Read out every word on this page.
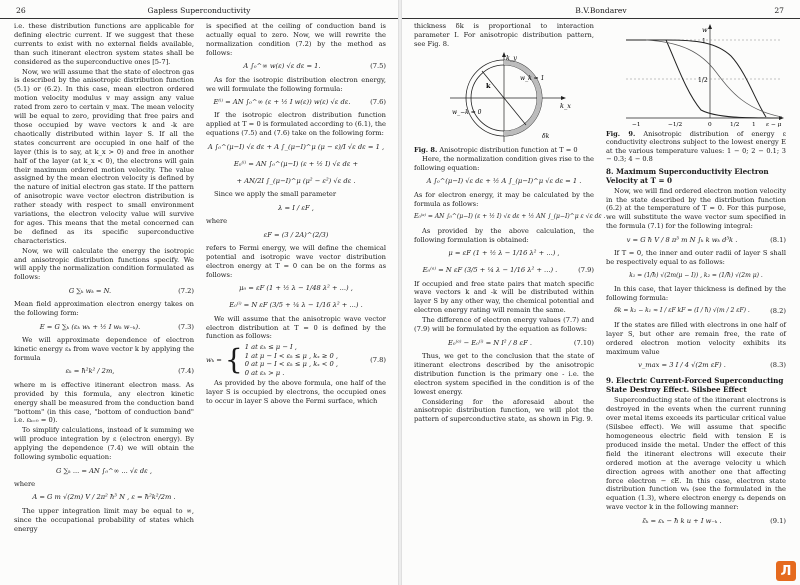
26	Gapless Superconductivity

i.e. these distribution functions are applicable for defining electric current. If we suggest that these currents to exist with no external fields available, than such itinerant electron system states shall be considered as the superconductive ones [5-7].

Now, we will assume that the state of electron gas is described by the anisotropic distribution function (5.1) or (6.2). In this case, mean electron ordered motion velocity modulus v may assign any value rated from zero to certain v_max. The mean velocity will be equal to zero, providing that free pairs and those occupied by wave vectors k and -k are chaotically distributed within layer S. If all the states concurrent are occupied in one half of the layer (this is to say, at k_x > 0) and free in another half of the layer (at k_x < 0), the electrons will gain their maximum ordered motion velocity. The value assigned by the mean electron velocity is defined by the nature of initial electron gas state. If the pattern of anisotropic wave vector electron distribution is rather steady with respect to small environment variations, the electron velocity value will survive for ages. This means that the metal concerned can be defined as its specific superconductive characteristics.

Now, we will calculate the energy the isotropic and anisotropic distribution functions specify. We will apply the normalization condition formulated as follows:

G ∑ₖ wₖ = N.	(7.2)

Mean field approximation electron energy takes on the following form:

E = G ∑ₖ (εₖ wₖ + ½ I wₖ w₋ₖ).	(7.3)

We will approximate dependence of electron kinetic energy εₖ from wave vector k by applying the formula

εₖ = ħ²k² / 2m,	(7.4)

where m is effective itinerant electron mass. As provided by this formula, any electron kinetic energy shall be measured from the conduction band "bottom" (in this case, "bottom of conduction band" i.e. εₖ₌₀ = 0).

To simplify calculations, instead of k summing we will produce integration by ε (electron energy). By applying the dependence (7.4) we will obtain the following symbolic equation:

G ∑ₖ ... = AN ∫₀^∞ ... √ε dε ,

where

A = G m √(2m) V / 2π² ħ³ N , ε = ħ²k²/2m .

The upper integration limit may be equal to ∞, since the occupational probability of states which energy

is specified at the ceiling of conduction band is actually equal to zero. Now, we will rewrite the normalization condition (7.2) by the method as follows:

A ∫₀^∞ w(ε) √ε dε = 1.	(7.5)

As for the isotropic distribution electron energy, we will formulate the following formula:

E⁽ⁱ⁾ = AN ∫₀^∞ (ε + ½ I w(ε)) w(ε) √ε dε.	(7.6)

If the isotropic electron distribution function applied at T = 0 is formulated according to (6.1), the equations (7.5) and (7.6) take on the following form:

A ∫₀^(μ−I) √ε dε + A ∫_(μ−I)^μ (μ − ε)/I √ε dε = 1 ,
E₀⁽ⁱ⁾ = AN ∫₀^(μ−I) (ε + ½ I) √ε dε +
+ AN/2I ∫_(μ−I)^μ (μ² − ε²) √ε dε .

Since we apply the small parameter

λ = I / εF ,

where

εF = (3 / 2A)^(2/3)

refers to Fermi energy, we will define the chemical potential and isotropic wave vector distribution electron energy at T = 0 can be on the forms as follows:

μ₀ = εF (1 + ½ λ − 1/48 λ² + ...) ,
E₀⁽ⁱ⁾ = N εF (3/5 + ¼ λ − 1/16 λ² + ...) .

We will assume that the anisotropic wave vector electron distribution at T = 0 is defined by the function as follows:

wₖ = { 1 at εₖ ≤ μ − I ,
1 at μ − I < εₖ ≤ μ , kₓ ≥ 0 ,
0 at μ − I < εₖ ≤ μ , kₓ < 0 ,
0 at εₖ > μ .
(7.8)

As provided by the above formula, one half of the layer S is occupied by electrons, the occupied ones to occur in layer S above the Fermi surface, which

B.V.Bondarev	27

thickness δk is proportional to interaction parameter I. For anisotropic distribution pattern, see Fig. 8.

k_y
k_x
k
w_k = 1
w_−k = 0
δk

Fig. 8. Anisotropic distribution function at T = 0

Here, the normalization condition gives rise to the following equation:

A ∫₀^(μ−I) √ε dε + ½ A ∫_(μ−I)^μ √ε dε = 1 .

As for electron energy, it may be calculated by the formula as follows:

E₀⁽ᵃ⁾ = AN ∫₀^(μ−I) (ε + ½ I) √ε dε + ½ AN ∫_(μ−I)^μ ε √ε dε .

As provided by the above calculation, the following formulation is obtained:

μ = εF (1 + ½ λ − 1/16 λ² + ...) ,
E₀⁽ᵃ⁾ = N εF (3/5 + ¼ λ − 1/16 λ² + ...) .	(7.9)

If occupied and free state pairs that match specific wave vectors k and -k will be distributed within layer S by any other way, the chemical potential and electron energy rating will remain the same.

The difference of electron energy values (7.7) and (7.9) will be formulated by the equation as follows:

E₀⁽ᵃ⁾ − E₀⁽ⁱ⁾ = N I² / 8 εF .	(7.10)

Thus, we get to the conclusion that the state of itinerant electrons described by the anisotropic distribution function is the primary one - i.e. the electron system specified in the condition is of the lowest energy.

Considering for the aforesaid about the anisotropic distribution function, we will plot the pattern of superconductive state, as shown in Fig. 9.

w
1
1/2
−1	−1/2	0	1/2 1 ε − μ

Fig. 9. Anisotropic distribution of energy ε conductivity electrons subject to the lowest energy E at the various temperature values: 1 − 0; 2 − 0.1; 3 − 0.3; 4 − 0.8

8. Maximum Superconductivity Electron Velocity at T = 0

Now, we will find ordered electron motion velocity in the state described by the distribution function (6.2) at the temperature of T = 0. For this purpose, we will substitute the wave vector sum specified in the formula (7.1) for the following integral:

v = G ħ V / 8 π³ m N ∫ₖ k wₖ d³k .	(8.1)

If T = 0, the inner and outer radii of layer S shall be respectively equal to as follows:

k₁ = (1/ħ) √(2m(μ − I)) , k₂ = (1/ħ) √(2m μ) .

In this case, that layer thickness is defined by the following formula:

δk = k₂ − k₁ ≈ I / εF kF = (I / ħ) √(m / 2 εF) .	(8.2)

If the states are filled with electrons in one half of layer S, but other are remain free, the rate of ordered electron motion velocity exhibits its maximum value

v_max = 3 I / 4 √(2m εF) .	(8.3)
9. Electric Current-Forced Superconducting State Destroy Effect. Silsbee Effect

Superconducting state of the itinerant electrons is destroyed in the events when the current running over metal items exceeds its particular critical value (Silsbee effect). We will assume that specific homogeneous electric field with tension E is produced inside the metal. Under the effect of this field the itinerant electrons will execute their ordered motion at the average velocity u which direction agrees with another one that affecting force electron − εE. In this case, electron state distribution function wₖ (see the formulated in the equation (1.3), where electron energy εₖ depends on wave vector k in the following manner:

ε̃ₖ = εₖ − ħ k u + I w₋ₖ .	(9.1)
Л
